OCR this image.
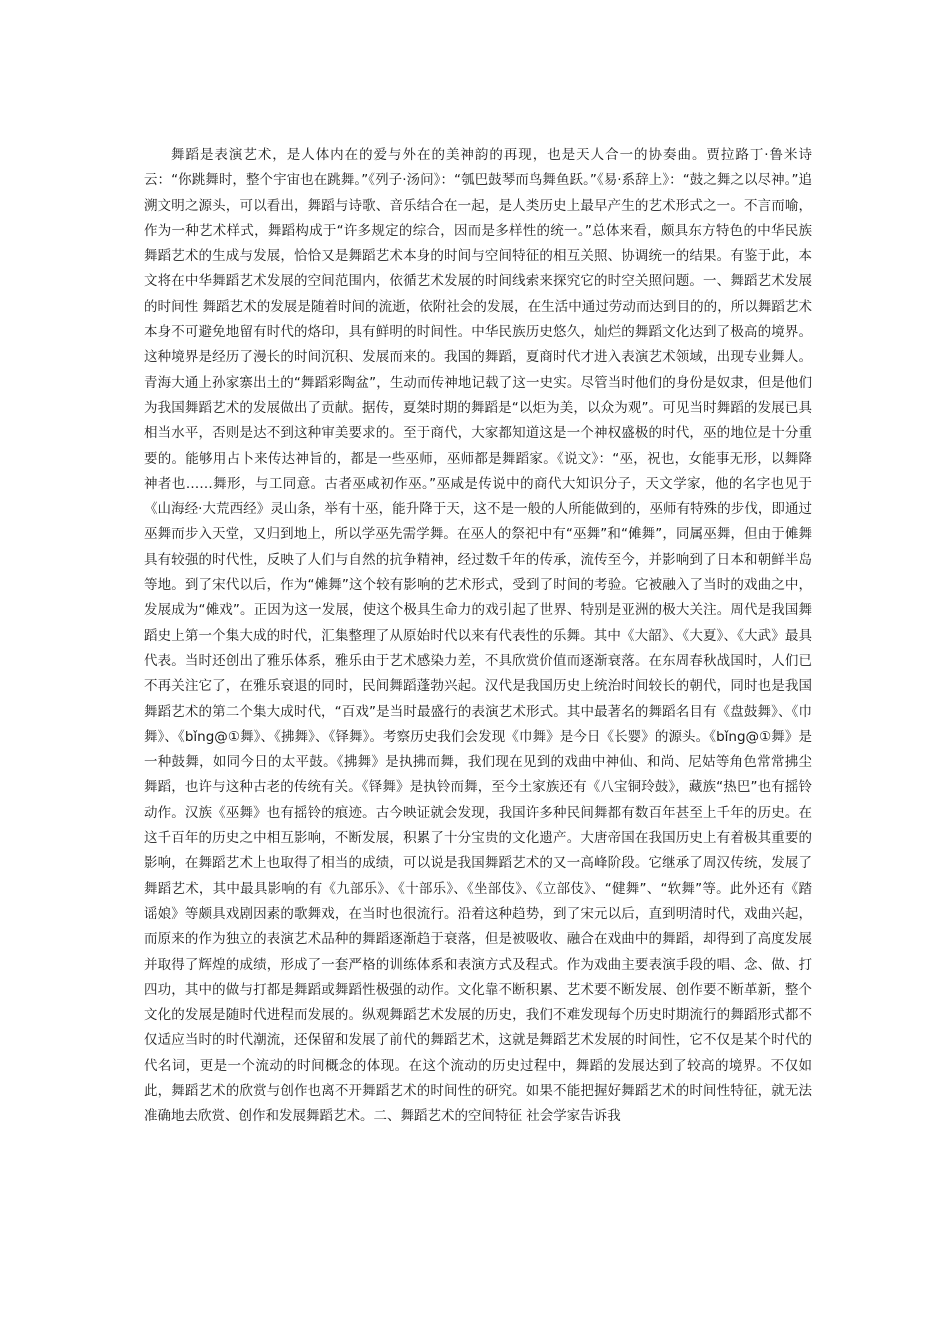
舞蹈是表演艺术，是人体内在的爱与外在的美神韵的再现，也是天人合一的协奏曲。贾拉路丁·鲁米诗云：“你跳舞时，整个宇宙也在跳舞。”《列子·汤问》：“瓠巴鼓琴而鸟舞鱼跃。”《易·系辞上》：“鼓之舞之以尽神。”追溯文明之源头，可以看出，舞蹈与诗歌、音乐结合在一起，是人类历史上最早产生的艺术形式之一。不言而喻，作为一种艺术样式，舞蹈构成于“许多规定的综合，因而是多样性的统一。”总体来看，颇具东方特色的中华民族舞蹈艺术的生成与发展，恰恰又是舞蹈艺术本身的时间与空间特征的相互关照、协调统一的结果。有鉴于此，本文将在中华舞蹈艺术发展的空间范围内，依循艺术发展的时间线索来探究它的时空关照问题。一、舞蹈艺术发展的时间性 舞蹈艺术的发展是随着时间的流逝，依附社会的发展，在生活中通过劳动而达到目的的，所以舞蹈艺术本身不可避免地留有时代的烙印，具有鲜明的时间性。中华民族历史悠久，灿烂的舞蹈文化达到了极高的境界。这种境界是经历了漫长的时间沉积、发展而来的。我国的舞蹈，夏商时代才进入表演艺术领域，出现专业舞人。青海大通上孙家寨出土的“舞蹈彩陶盆”，生动而传神地记载了这一史实。尽管当时他们的身份是奴隶，但是他们为我国舞蹈艺术的发展做出了贡献。据传，夏桀时期的舞蹈是“以炬为美，以众为观”。可见当时舞蹈的发展已具相当水平，否则是达不到这种审美要求的。至于商代，大家都知道这是一个神权盛极的时代，巫的地位是十分重要的。能够用占卜来传达神旨的，都是一些巫师，巫师都是舞蹈家。《说文》：“巫，祝也，女能事无形，以舞降神者也……舞形，与工同意。古者巫咸初作巫。”巫咸是传说中的商代大知识分子，天文学家，他的名字也见于《山海经·大荒西经》灵山条，举有十巫，能升降于天，这不是一般的人所能做到的，巫师有特殊的步伐，即通过巫舞而步入天堂，又归到地上，所以学巫先需学舞。在巫人的祭祀中有“巫舞”和“傩舞”，同属巫舞，但由于傩舞具有较强的时代性，反映了人们与自然的抗争精神，经过数千年的传承，流传至今，并影响到了日本和朝鲜半岛等地。到了宋代以后，作为“傩舞”这个较有影响的艺术形式，受到了时间的考验。它被融入了当时的戏曲之中，发展成为“傩戏”。正因为这一发展，使这个极具生命力的戏引起了世界、特别是亚洲的极大关注。周代是我国舞蹈史上第一个集大成的时代，汇集整理了从原始时代以来有代表性的乐舞。其中《大韶》、《大夏》、《大武》最具代表。当时还创出了雅乐体系，雅乐由于艺术感染力差，不具欣赏价值而逐渐衰落。在东周春秋战国时，人们已不再关注它了，在雅乐衰退的同时，民间舞蹈蓬勃兴起。汉代是我国历史上统治时间较长的朝代，同时也是我国舞蹈艺术的第二个集大成时代，“百戏”是当时最盛行的表演艺术形式。其中最著名的舞蹈名目有《盘鼓舞》、《巾舞》、《bǐng@①舞》、《拂舞》、《铎舞》。考察历史我们会发现《巾舞》是今日《长婴》的源头。《bǐng@①舞》是一种鼓舞，如同今日的太平鼓。《拂舞》是执拂而舞，我们现在见到的戏曲中神仙、和尚、尼姑等角色常常拂尘舞蹈，也许与这种古老的传统有关。《铎舞》是执铃而舞，至今土家族还有《八宝铜玲鼓》，藏族“热巴”也有摇铃动作。汉族《巫舞》也有摇铃的痕迹。古今映证就会发现，我国许多种民间舞都有数百年甚至上千年的历史。在这千百年的历史之中相互影响，不断发展，积累了十分宝贵的文化遗产。大唐帝国在我国历史上有着极其重要的影响，在舞蹈艺术上也取得了相当的成绩，可以说是我国舞蹈艺术的又一高峰阶段。它继承了周汉传统，发展了舞蹈艺术，其中最具影响的有《九部乐》、《十部乐》、《坐部伎》、《立部伎》、“健舞”、“软舞”等。此外还有《踏谣娘》等颇具戏剧因素的歌舞戏，在当时也很流行。沿着这种趋势，到了宋元以后，直到明清时代，戏曲兴起，而原来的作为独立的表演艺术品种的舞蹈逐渐趋于衰落，但是被吸收、融合在戏曲中的舞蹈，却得到了高度发展并取得了辉煌的成绩，形成了一套严格的训练体系和表演方式及程式。作为戏曲主要表演手段的唱、念、做、打四功，其中的做与打都是舞蹈或舞蹈性极强的动作。文化靠不断积累、艺术要不断发展、创作要不断革新，整个文化的发展是随时代进程而发展的。纵观舞蹈艺术发展的历史，我们不难发现每个历史时期流行的舞蹈形式都不仅适应当时的时代潮流，还保留和发展了前代的舞蹈艺术，这就是舞蹈艺术发展的时间性，它不仅是某个时代的代名词，更是一个流动的时间概念的体现。在这个流动的历史过程中，舞蹈的发展达到了较高的境界。不仅如此，舞蹈艺术的欣赏与创作也离不开舞蹈艺术的时间性的研究。如果不能把握好舞蹈艺术的时间性特征，就无法准确地去欣赏、创作和发展舞蹈艺术。二、舞蹈艺术的空间特征 社会学家告诉我
